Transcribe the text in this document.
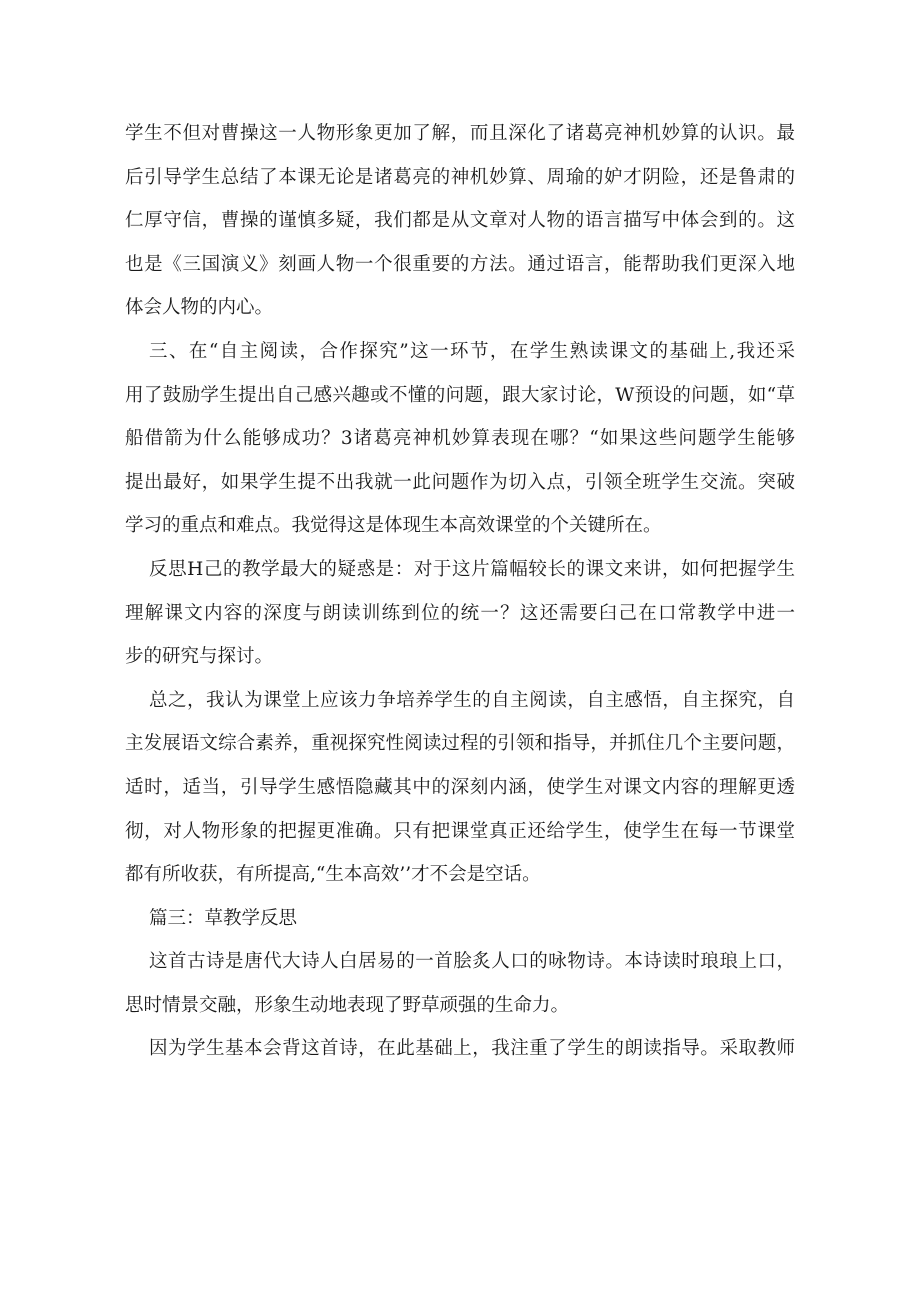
学生不但对曹操这一人物形象更加了解，而且深化了诸葛亮神机妙算的认识。最
后引导学生总结了本课无论是诸葛亮的神机妙算、周瑜的妒才阴险，还是鲁肃的
仁厚守信，曹操的谨慎多疑，我们都是从文章对人物的语言描写中体会到的。这
也是《三国演义》刻画人物一个很重要的方法。通过语言，能帮助我们更深入地
体会人物的内心。
三、在“自主阅读，合作探究”这一环节，在学生熟读课文的基础上,我还采
用了鼓励学生提出自己感兴趣或不懂的问题，跟大家讨论，W预设的问题，如“草
船借箭为什么能够成功？3诸葛亮神机妙算表现在哪？“如果这些问题学生能够
提出最好，如果学生提不出我就一此问题作为切入点，引领全班学生交流。突破
学习的重点和难点。我觉得这是体现生本高效课堂的个关键所在。
反思H己的教学最大的疑惑是：对于这片篇幅较长的课文来讲，如何把握学生
理解课文内容的深度与朗读训练到位的统一？这还需要臼己在口常教学中进一
步的研究与探讨。
总之，我认为课堂上应该力争培养学生的自主阅读，自主感悟，自主探究，自
主发展语文综合素养，重视探究性阅读过程的引领和指导，并抓住几个主要问题，
适时，适当，引导学生感悟隐藏其中的深刻内涵，使学生对课文内容的理解更透
彻，对人物形象的把握更准确。只有把课堂真正还给学生，使学生在每一节课堂
都有所收获，有所提高,“生本高效’’才不会是空话。
篇三：草教学反思
这首古诗是唐代大诗人白居易的一首脍炙人口的咏物诗。本诗读时琅琅上口，
思时情景交融，形象生动地表现了野草顽强的生命力。
因为学生基本会背这首诗，在此基础上，我注重了学生的朗读指导。采取教师
